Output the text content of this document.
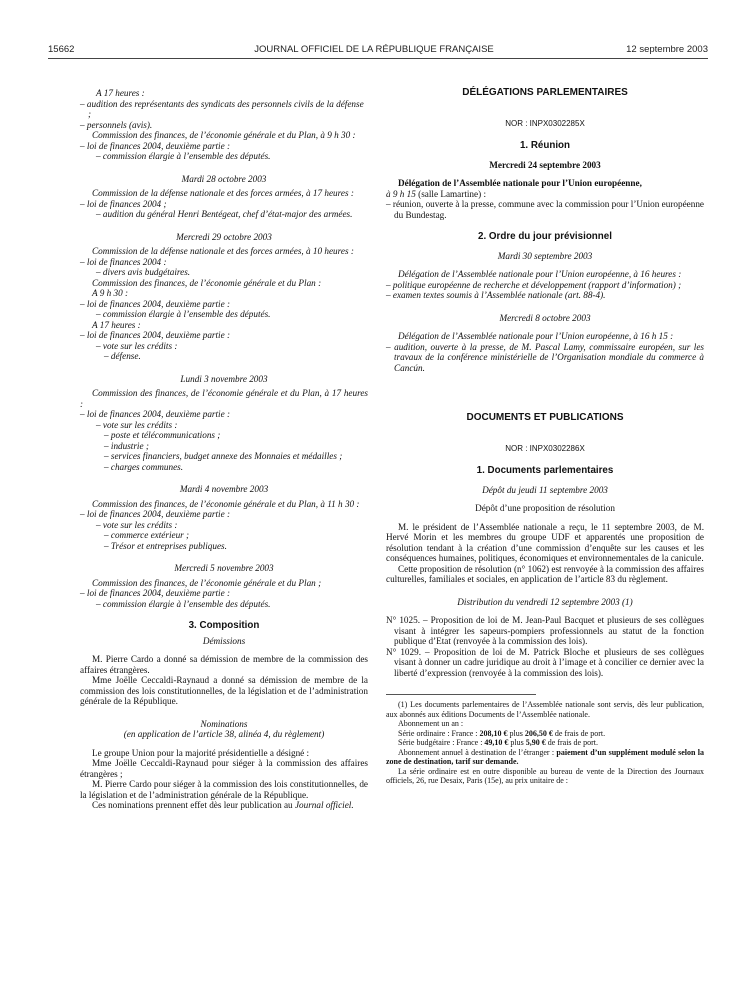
15662	JOURNAL OFFICIEL DE LA RÉPUBLIQUE FRANÇAISE	12 septembre 2003

A 17 heures :

– audition des représentants des syndicats des personnels civils de la défense ;

– personnels (avis).

Commission des finances, de l’économie générale et du Plan, à 9 h 30 :

– loi de finances 2004, deuxième partie :

– commission élargie à l’ensemble des députés.

Mardi 28 octobre 2003

Commission de la défense nationale et des forces armées, à 17 heures :

– loi de finances 2004 ;

– audition du général Henri Bentégeat, chef d’état-major des armées.

Mercredi 29 octobre 2003

Commission de la défense nationale et des forces armées, à 10 heures :

– loi de finances 2004 :

– divers avis budgétaires.

Commission des finances, de l’économie générale et du Plan :

A 9 h 30 :

– loi de finances 2004, deuxième partie :

– commission élargie à l’ensemble des députés.

A 17 heures :

– loi de finances 2004, deuxième partie :

– vote sur les crédits :

– défense.

Lundi 3 novembre 2003

Commission des finances, de l’économie générale et du Plan, à 17 heures :

– loi de finances 2004, deuxième partie :

– vote sur les crédits :

– poste et télécommunications ;

– industrie ;

– services financiers, budget annexe des Monnaies et médailles ;

– charges communes.

Mardi 4 novembre 2003

Commission des finances, de l’économie générale et du Plan, à 11 h 30 :

– loi de finances 2004, deuxième partie :

– vote sur les crédits :

– commerce extérieur ;

– Trésor et entreprises publiques.

Mercredi 5 novembre 2003

Commission des finances, de l’économie générale et du Plan ;

– loi de finances 2004, deuxième partie :

– commission élargie à l’ensemble des députés.

3. Composition

Démissions

M. Pierre Cardo a donné sa démission de membre de la commission des affaires étrangères.

Mme Joëlle Ceccaldi-Raynaud a donné sa démission de membre de la commission des lois constitutionnelles, de la législation et de l’administration générale de la République.

Nominations

(en application de l’article 38, alinéa 4, du règlement)

Le groupe Union pour la majorité présidentielle a désigné :

Mme Joëlle Ceccaldi-Raynaud pour siéger à la commission des affaires étrangères ;

M. Pierre Cardo pour siéger à la commission des lois constitutionnelles, de la législation et de l’administration générale de la République.

Ces nominations prennent effet dès leur publication au Journal officiel.

DÉLÉGATIONS PARLEMENTAIRES

NOR : INPX0302285X

1. Réunion

Mercredi 24 septembre 2003

Délégation de l’Assemblée nationale pour l’Union européenne,
à 9 h 15 (salle Lamartine) :

– réunion, ouverte à la presse, commune avec la commission pour l’Union européenne du Bundestag.

2. Ordre du jour prévisionnel

Mardi 30 septembre 2003

Délégation de l’Assemblée nationale pour l’Union européenne, à 16 heures :

– politique européenne de recherche et développement (rapport d’information) ;

– examen textes soumis à l’Assemblée nationale (art. 88-4).

Mercredi 8 octobre 2003

Délégation de l’Assemblée nationale pour l’Union européenne, à 16 h 15 :

– audition, ouverte à la presse, de M. Pascal Lamy, commissaire européen, sur les travaux de la conférence ministérielle de l’Organisation mondiale du commerce à Cancún.

DOCUMENTS ET PUBLICATIONS

NOR : INPX0302286X

1. Documents parlementaires

Dépôt du jeudi 11 septembre 2003

Dépôt d’une proposition de résolution

M. le président de l’Assemblée nationale a reçu, le 11 septembre 2003, de M. Hervé Morin et les membres du groupe UDF et apparentés une proposition de résolution tendant à la création d’une commission d’enquête sur les causes et les conséquences humaines, politiques, économiques et environnementales de la canicule.

Cette proposition de résolution (n° 1062) est renvoyée à la commission des affaires culturelles, familiales et sociales, en application de l’article 83 du règlement.

Distribution du vendredi 12 septembre 2003 (1)

N° 1025. – Proposition de loi de M. Jean-Paul Bacquet et plusieurs de ses collègues visant à intégrer les sapeurs-pompiers professionnels au statut de la fonction publique d’Etat (renvoyée à la commission des lois).

N° 1029. – Proposition de loi de M. Patrick Bloche et plusieurs de ses collègues visant à donner un cadre juridique au droit à l’image et à concilier ce dernier avec la liberté d’expression (renvoyée à la commission des lois).

(1) Les documents parlementaires de l’Assemblée nationale sont servis, dès leur publication, aux abonnés aux éditions Documents de l’Assemblée nationale.

Abonnement un an :

Série ordinaire : France : 208,10 € plus 206,50 € de frais de port.

Série budgétaire : France : 49,10 € plus 5,90 € de frais de port.

Abonnement annuel à destination de l’étranger : paiement d’un supplément modulé selon la zone de destination, tarif sur demande.

La série ordinaire est en outre disponible au bureau de vente de la Direction des Journaux officiels, 26, rue Desaix, Paris (15e), au prix unitaire de :
